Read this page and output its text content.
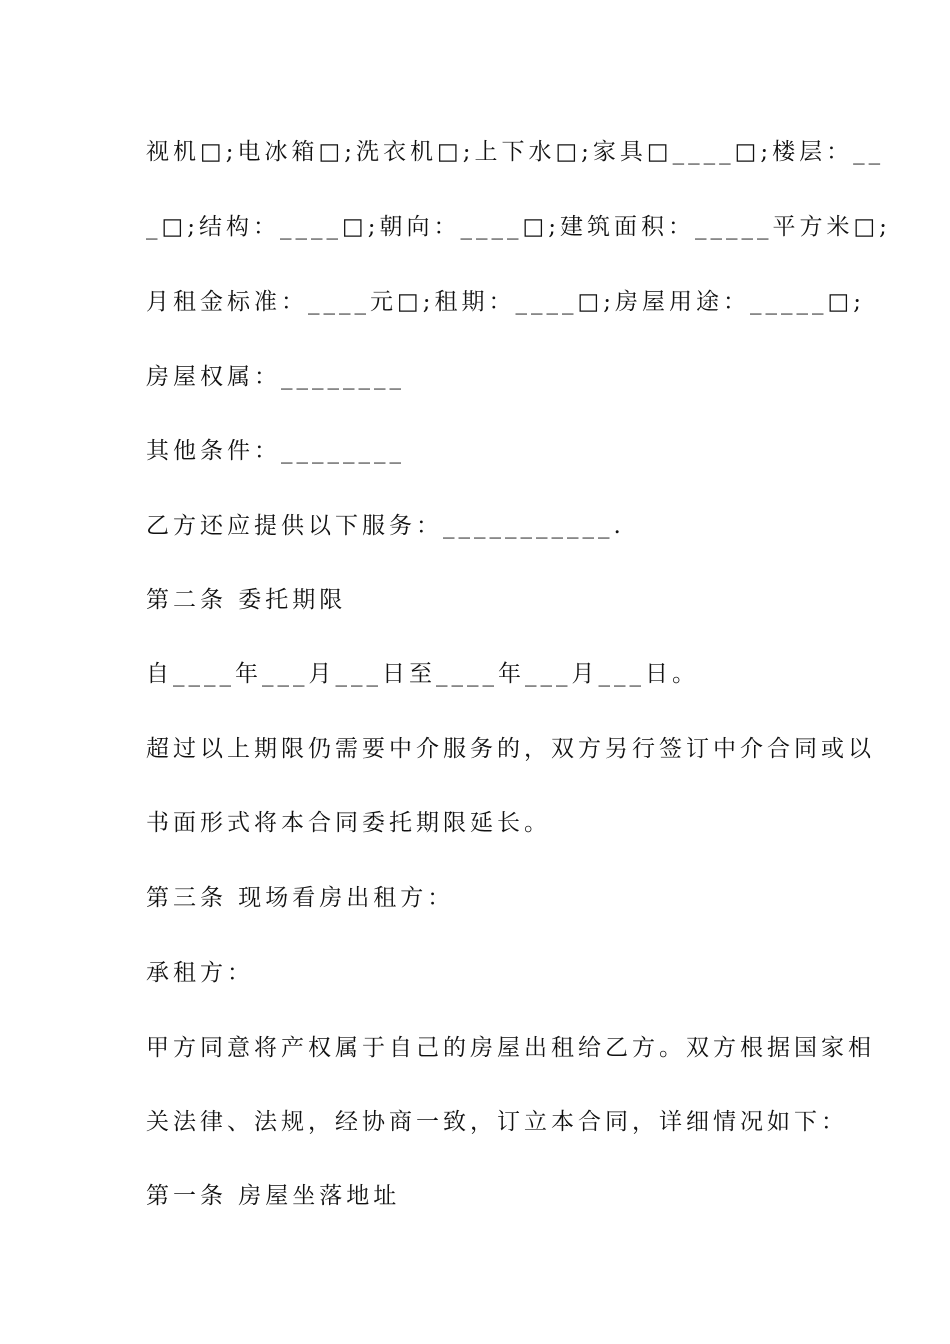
视机□;电冰箱□;洗衣机□;上下水□;家具□____□;楼层：__
_□;结构：____□;朝向：____□;建筑面积：_____平方米□;
月租金标准：____元□;租期：____□;房屋用途：_____□;
房屋权属：________
其他条件：________
乙方还应提供以下服务：___________.
第二条 委托期限
自____年___月___日至____年___月___日。
超过以上期限仍需要中介服务的，双方另行签订中介合同或以
书面形式将本合同委托期限延长。
第三条 现场看房出租方：
承租方：
甲方同意将产权属于自己的房屋出租给乙方。双方根据国家相
关法律、法规，经协商一致，订立本合同，详细情况如下：
第一条 房屋坐落地址
